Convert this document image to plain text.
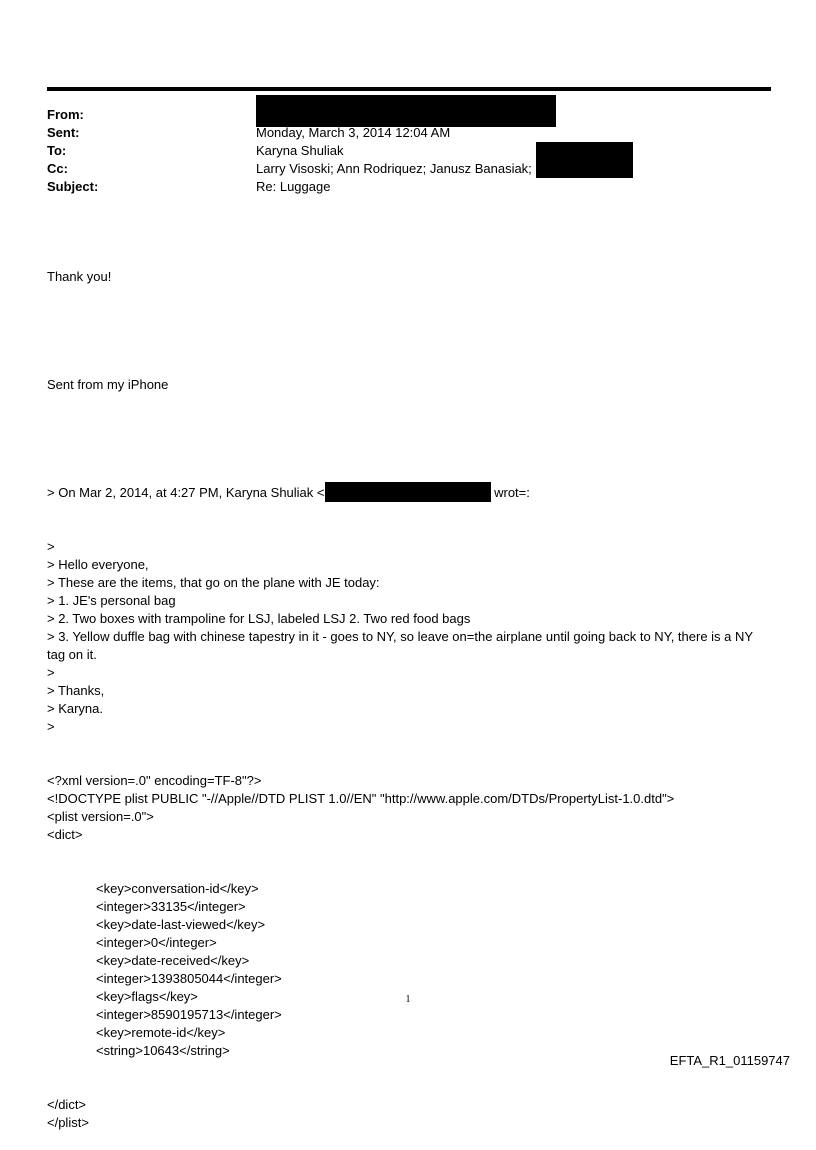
From:
Sent:	Monday, March 3, 2014 12:04 AM
To:	Karyna Shuliak
Cc:	Larry Visoski; Ann Rodriquez; Janusz Banasiak;
Subject:	Re: Luggage

Thank you!

Sent from my iPhone

> On Mar 2, 2014, at 4:27 PM, Karyna Shuliak <	wrot=:

>

> Hello everyone,

> These are the items, that go on the plane with JE today:

> 1. JE's personal bag

> 2. Two boxes with trampoline for LSJ, labeled LSJ 2. Two red food bags

> 3. Yellow duffle bag with chinese tapestry in it - goes to NY, so leave on=the airplane until going back to NY, there is a NY tag on it.

>

> Thanks,

> Karyna.

>

<?xml version=.0" encoding=TF-8"?>

<!DOCTYPE plist PUBLIC "-//Apple//DTD PLIST 1.0//EN" "http://www.apple.com/DTDs/PropertyList-1.0.dtd">

<plist version=.0">

<dict>

<key>conversation-id</key>

<integer>33135</integer>

<key>date-last-viewed</key>

<integer>0</integer>

<key>date-received</key>

<integer>1393805044</integer>

<key>flags</key>

<integer>8590195713</integer>

<key>remote-id</key>

<string>10643</string>

</dict>

</plist>

1
EFTA_R1_01159747
